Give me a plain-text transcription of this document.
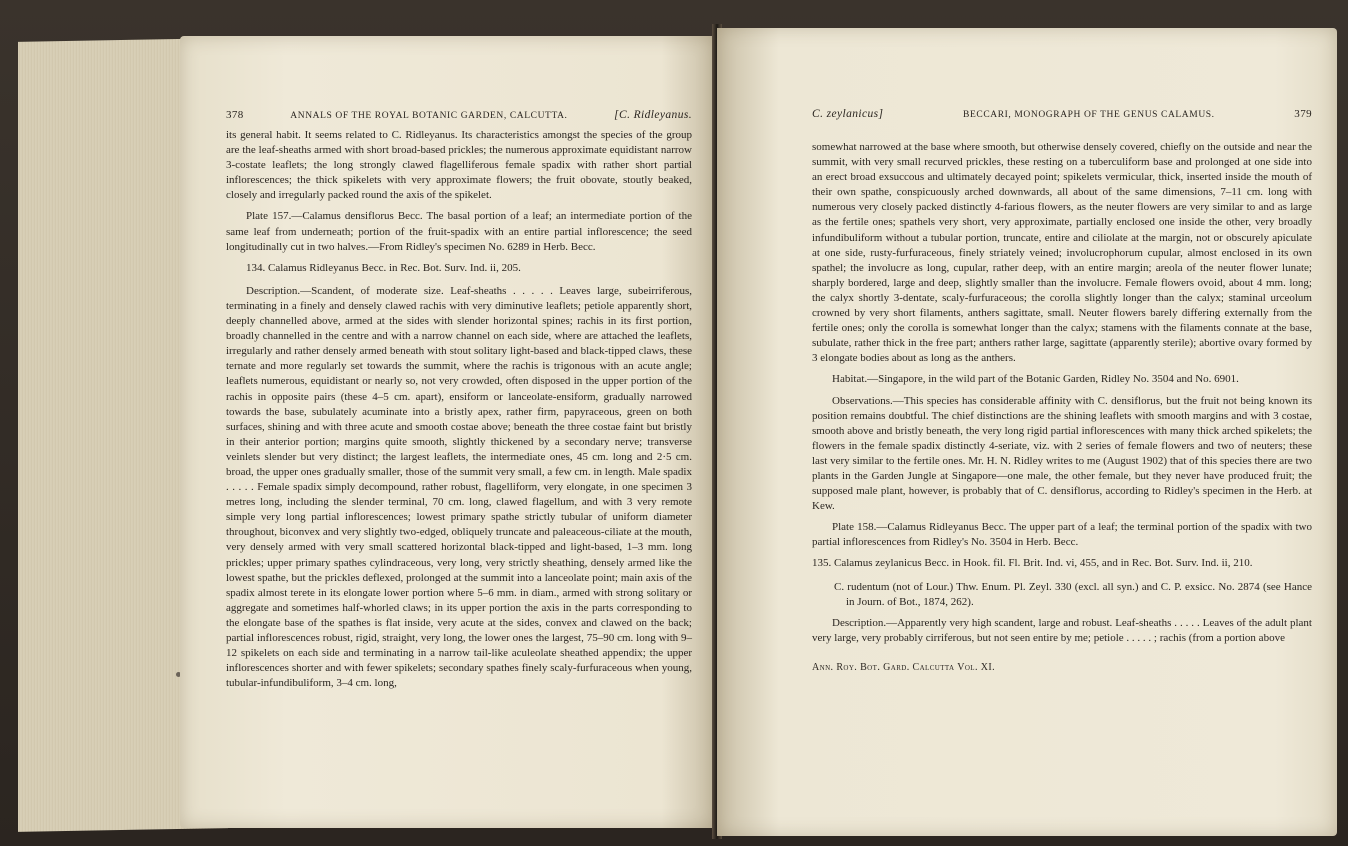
378	ANNALS OF THE ROYAL BOTANIC GARDEN, CALCUTTA.	[C. Ridleyanus.

its general habit. It seems related to C. Ridleyanus. Its characteristics amongst the species of the group are the leaf-sheaths armed with short broad-based prickles; the numerous approximate equidistant narrow 3-costate leaflets; the long strongly clawed flagelliferous female spadix with rather short partial inflorescences; the thick spikelets with very approximate flowers; the fruit obovate, stoutly beaked, closely and irregularly packed round the axis of the spikelet.

Plate 157.—Calamus densiflorus Becc. The basal portion of a leaf; an intermediate portion of the same leaf from underneath; portion of the fruit-spadix with an entire partial inflorescence; the seed longitudinally cut in two halves.—From Ridley's specimen No. 6289 in Herb. Becc.

134. Calamus Ridleyanus Becc. in Rec. Bot. Surv. Ind. ii, 205.

Description.—Scandent, of moderate size. Leaf-sheaths . . . . . Leaves large, subeirriferous, terminating in a finely and densely clawed rachis with very diminutive leaflets; petiole apparently short, deeply channelled above, armed at the sides with slender horizontal spines; rachis in its first portion, broadly channelled in the centre and with a narrow channel on each side, where are attached the leaflets, irregularly and rather densely armed beneath with stout solitary light-based and black-tipped claws, these ternate and more regularly set towards the summit, where the rachis is trigonous with an acute angle; leaflets numerous, equidistant or nearly so, not very crowded, often disposed in the upper portion of the rachis in opposite pairs (these 4–5 cm. apart), ensiform or lanceolate-ensiform, gradually narrowed towards the base, subulately acuminate into a bristly apex, rather firm, papyraceous, green on both surfaces, shining and with three acute and smooth costae above; beneath the three costae faint but bristly in their anterior portion; margins quite smooth, slightly thickened by a secondary nerve; transverse veinlets slender but very distinct; the largest leaflets, the intermediate ones, 45 cm. long and 2·5 cm. broad, the upper ones gradually smaller, those of the summit very small, a few cm. in length. Male spadix . . . . . Female spadix simply decompound, rather robust, flagelliform, very elongate, in one specimen 3 metres long, including the slender terminal, 70 cm. long, clawed flagellum, and with 3 very remote simple very long partial inflorescences; lowest primary spathe strictly tubular of uniform diameter throughout, biconvex and very slightly two-edged, obliquely truncate and paleaceous-ciliate at the mouth, very densely armed with very small scattered horizontal black-tipped and light-based, 1–3 mm. long prickles; upper primary spathes cylindraceous, very long, very strictly sheathing, densely armed like the lowest spathe, but the prickles deflexed, prolonged at the summit into a lanceolate point; main axis of the spadix almost terete in its elongate lower portion where 5–6 mm. in diam., armed with strong solitary or aggregate and sometimes half-whorled claws; in its upper portion the axis in the parts corresponding to the elongate base of the spathes is flat inside, very acute at the sides, convex and clawed on the back; partial inflorescences robust, rigid, straight, very long, the lower ones the largest, 75–90 cm. long with 9–12 spikelets on each side and terminating in a narrow tail-like aculeolate sheathed appendix; the upper inflorescences shorter and with fewer spikelets; secondary spathes finely scaly-furfuraceous when young, tubular-infundibuliform, 3–4 cm. long,

C. zeylanicus]	BECCARI, MONOGRAPH OF THE GENUS CALAMUS.	379

somewhat narrowed at the base where smooth, but otherwise densely covered, chiefly on the outside and near the summit, with very small recurved prickles, these resting on a tuberculiform base and prolonged at one side into an erect broad exsuccous and ultimately decayed point; spikelets vermicular, thick, inserted inside the mouth of their own spathe, conspicuously arched downwards, all about of the same dimensions, 7–11 cm. long with numerous very closely packed distinctly 4-farious flowers, as the neuter flowers are very similar to and as large as the fertile ones; spathels very short, very approximate, partially enclosed one inside the other, very broadly infundibuliform without a tubular portion, truncate, entire and ciliolate at the margin, not or obscurely apiculate at one side, rusty-furfuraceous, finely striately veined; involucrophorum cupular, almost enclosed in its own spathel; the involucre as long, cupular, rather deep, with an entire margin; areola of the neuter flower lunate; sharply bordered, large and deep, slightly smaller than the involucre. Female flowers ovoid, about 4 mm. long; the calyx shortly 3-dentate, scaly-furfuraceous; the corolla slightly longer than the calyx; staminal urceolum crowned by very short filaments, anthers sagittate, small. Neuter flowers barely differing externally from the fertile ones; only the corolla is somewhat longer than the calyx; stamens with the filaments connate at the base, subulate, rather thick in the free part; anthers rather large, sagittate (apparently sterile); abortive ovary formed by 3 elongate bodies about as long as the anthers.

Habitat.—Singapore, in the wild part of the Botanic Garden, Ridley No. 3504 and No. 6901.

Observations.—This species has considerable affinity with C. densiflorus, but the fruit not being known its position remains doubtful. The chief distinctions are the shining leaflets with smooth margins and with 3 costae, smooth above and bristly beneath, the very long rigid partial inflorescences with many thick arched spikelets; the flowers in the female spadix distinctly 4-seriate, viz. with 2 series of female flowers and two of neuters; these last very similar to the fertile ones. Mr. H. N. Ridley writes to me (August 1902) that of this species there are two plants in the Garden Jungle at Singapore—one male, the other female, but they never have produced fruit; the supposed male plant, however, is probably that of C. densiflorus, according to Ridley's specimen in the Herb. at Kew.

Plate 158.—Calamus Ridleyanus Becc. The upper part of a leaf; the terminal portion of the spadix with two partial inflorescences from Ridley's No. 3504 in Herb. Becc.

135. Calamus zeylanicus Becc. in Hook. fil. Fl. Brit. Ind. vi, 455, and in Rec. Bot. Surv. Ind. ii, 210.

C. rudentum (not of Lour.) Thw. Enum. Pl. Zeyl. 330 (excl. all syn.) and C. P. exsicc. No. 2874 (see Hance in Journ. of Bot., 1874, 262).

Description.—Apparently very high scandent, large and robust. Leaf-sheaths . . . . . Leaves of the adult plant very large, very probably cirriferous, but not seen entire by me; petiole . . . . . ; rachis (from a portion above

Ann. Roy. Bot. Gard. Calcutta Vol. XI.
